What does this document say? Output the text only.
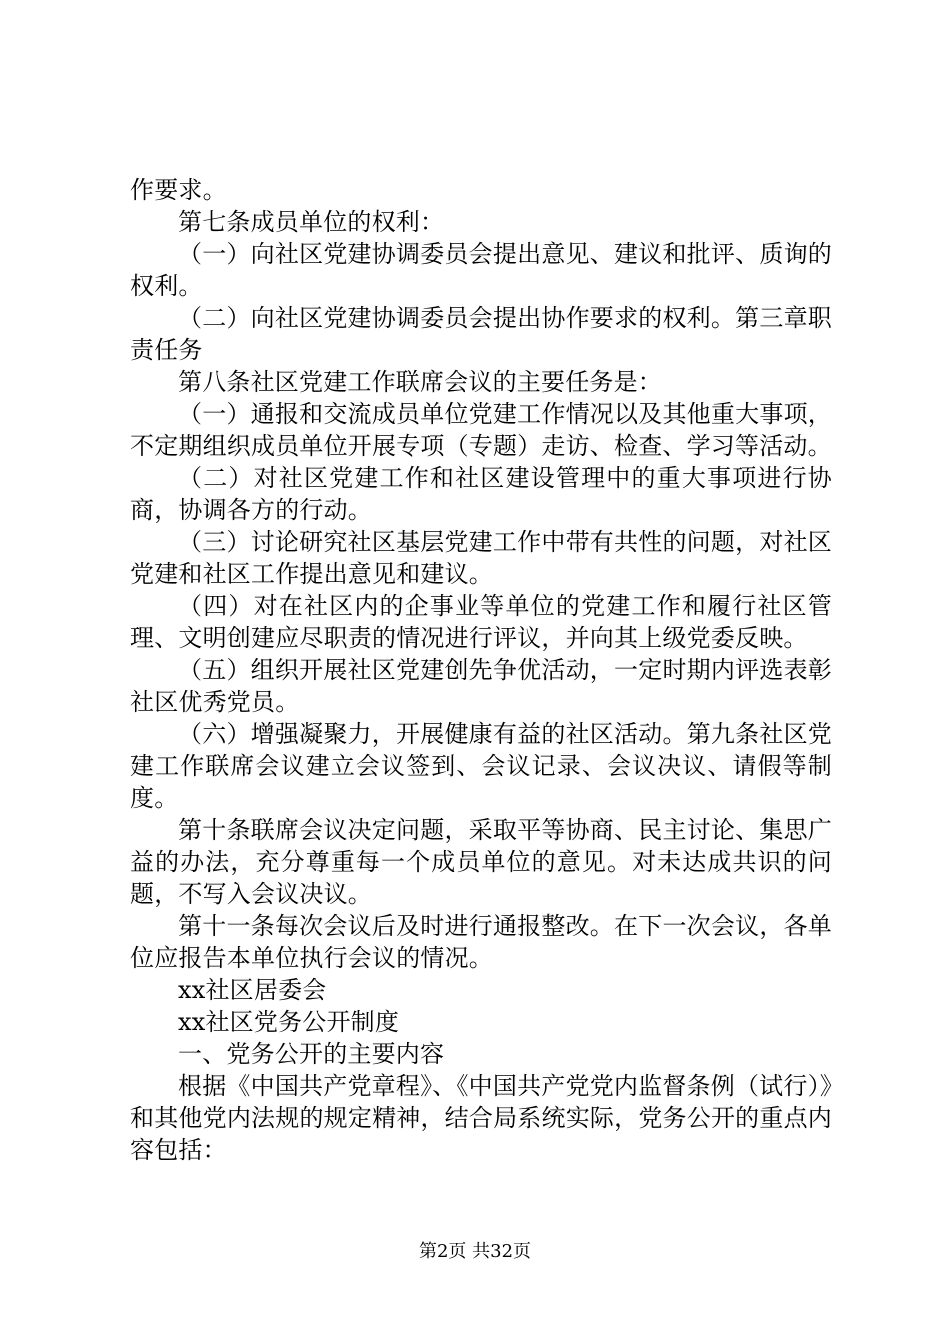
作要求。

第七条成员单位的权利：

（一）向社区党建协调委员会提出意见、建议和批评、质询的权利。

（二）向社区党建协调委员会提出协作要求的权利。第三章职责任务

第八条社区党建工作联席会议的主要任务是：

（一）通报和交流成员单位党建工作情况以及其他重大事项，不定期组织成员单位开展专项（专题）走访、检查、学习等活动。

（二）对社区党建工作和社区建设管理中的重大事项进行协商，协调各方的行动。

（三）讨论研究社区基层党建工作中带有共性的问题，对社区党建和社区工作提出意见和建议。

（四）对在社区内的企事业等单位的党建工作和履行社区管理、文明创建应尽职责的情况进行评议，并向其上级党委反映。

（五）组织开展社区党建创先争优活动，一定时期内评选表彰社区优秀党员。

（六）增强凝聚力，开展健康有益的社区活动。第九条社区党建工作联席会议建立会议签到、会议记录、会议决议、请假等制度。

第十条联席会议决定问题，采取平等协商、民主讨论、集思广益的办法，充分尊重每一个成员单位的意见。对未达成共识的问题，不写入会议决议。

第十一条每次会议后及时进行通报整改。在下一次会议，各单位应报告本单位执行会议的情况。

xx社区居委会

xx社区党务公开制度

一、党务公开的主要内容

根据《中国共产党章程》、《中国共产党党内监督条例（试行）》和其他党内法规的规定精神，结合局系统实际，党务公开的重点内容包括：

第2页 共32页
